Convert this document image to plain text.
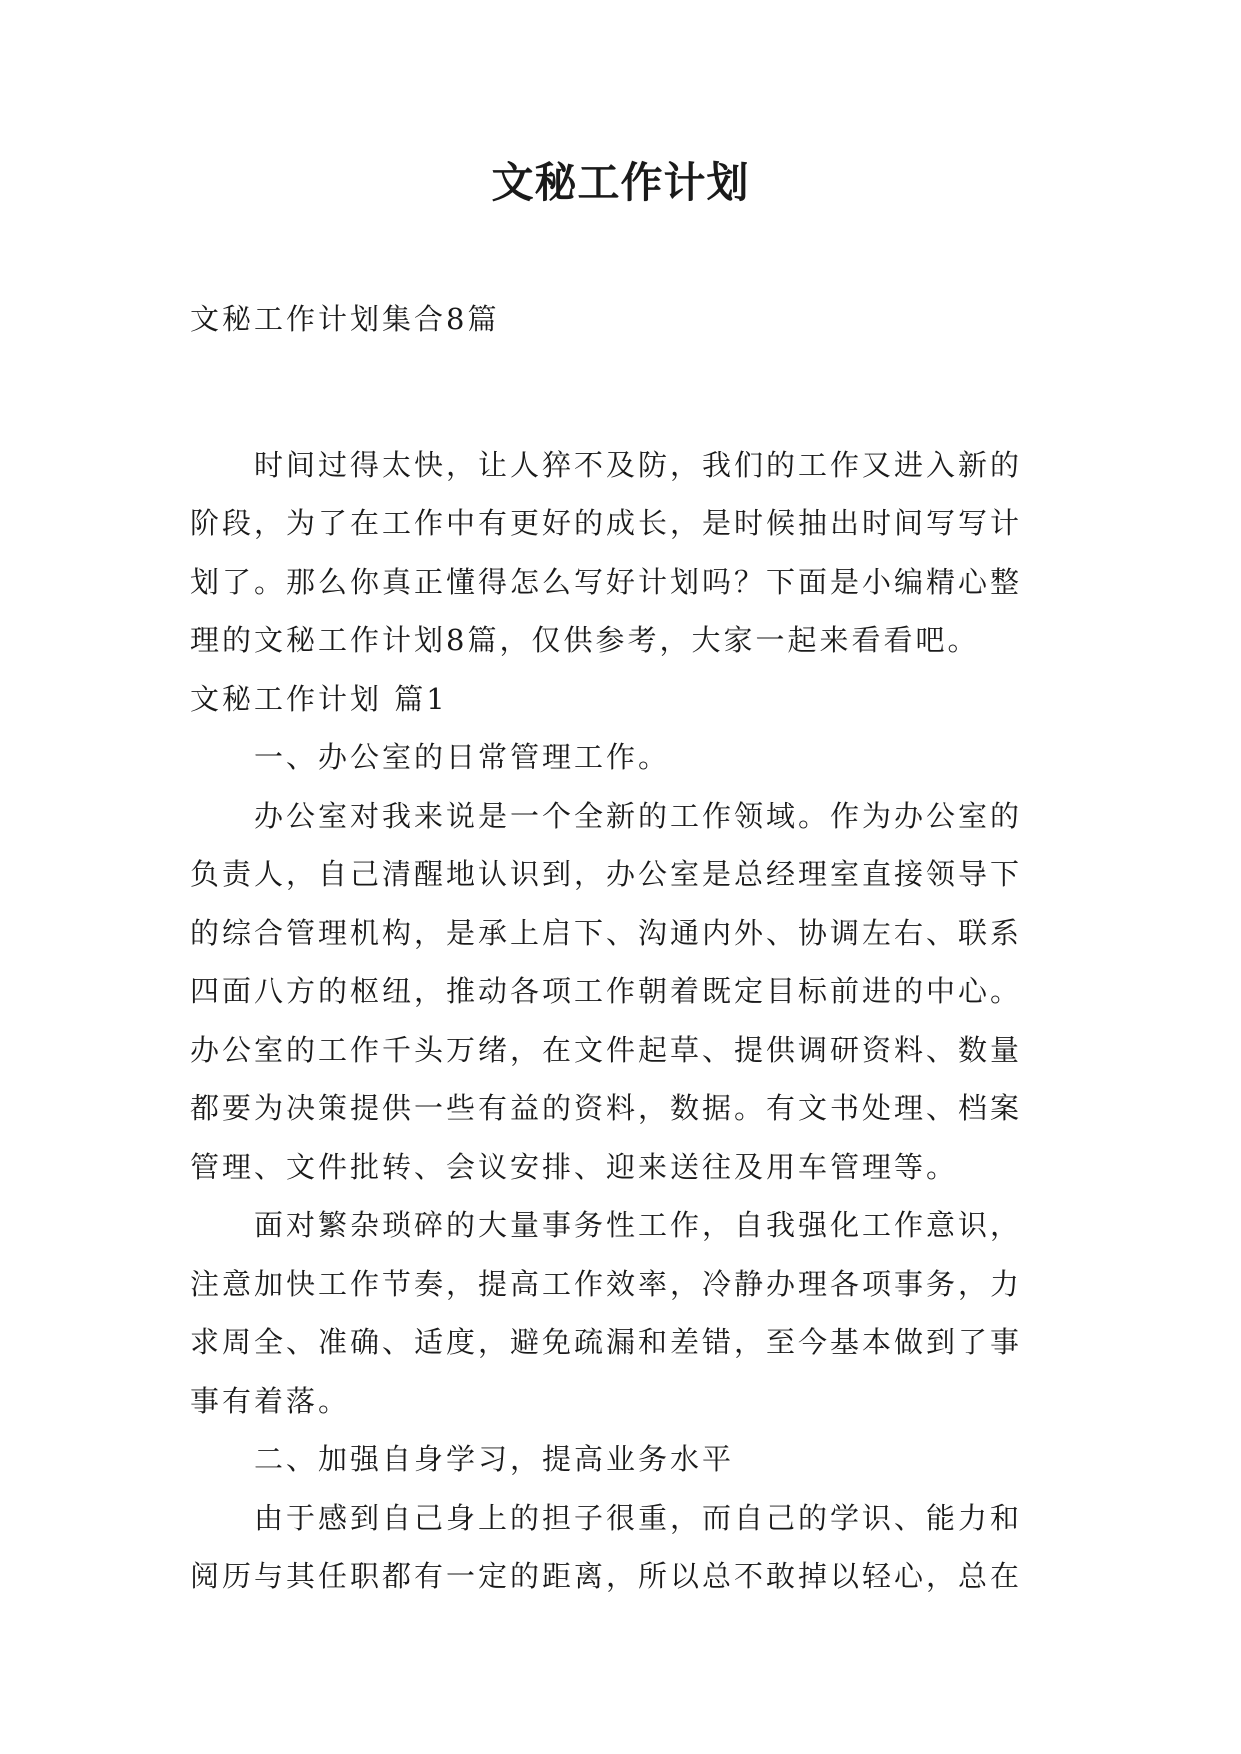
文秘工作计划

文秘工作计划集合8篇

时间过得太快，让人猝不及防，我们的工作又进入新的

阶段，为了在工作中有更好的成长，是时候抽出时间写写计

划了。那么你真正懂得怎么写好计划吗？下面是小编精心整

理的文秘工作计划8篇，仅供参考，大家一起来看看吧。

文秘工作计划 篇1

一、办公室的日常管理工作。

办公室对我来说是一个全新的工作领域。作为办公室的

负责人，自己清醒地认识到，办公室是总经理室直接领导下

的综合管理机构，是承上启下、沟通内外、协调左右、联系

四面八方的枢纽，推动各项工作朝着既定目标前进的中心。

办公室的工作千头万绪，在文件起草、提供调研资料、数量

都要为决策提供一些有益的资料，数据。有文书处理、档案

管理、文件批转、会议安排、迎来送往及用车管理等。

面对繁杂琐碎的大量事务性工作，自我强化工作意识，

注意加快工作节奏，提高工作效率，冷静办理各项事务，力

求周全、准确、适度，避免疏漏和差错，至今基本做到了事

事有着落。

二、加强自身学习，提高业务水平

由于感到自己身上的担子很重，而自己的学识、能力和

阅历与其任职都有一定的距离，所以总不敢掉以轻心，总在
